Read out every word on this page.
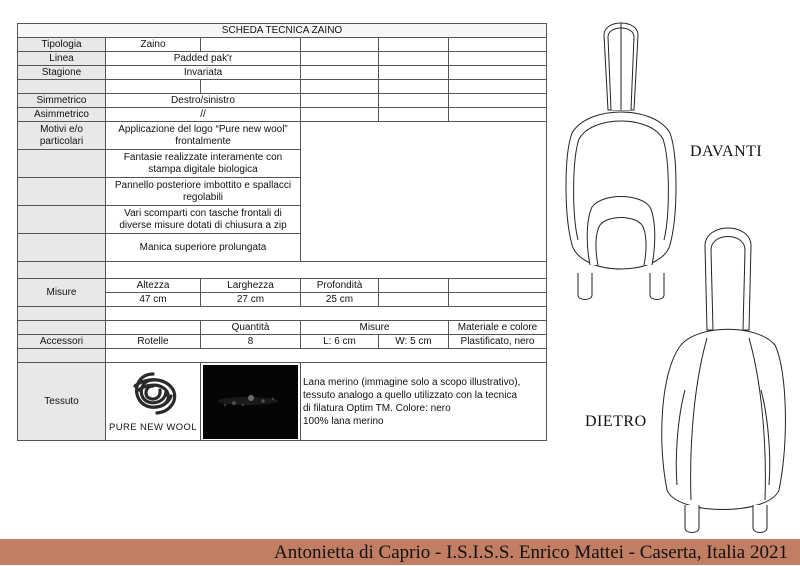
SCHEDA TECNICA ZAINO					
Tipologia	Zaino				
Linea	Padded pak'r				
Stagione	Invariata				

Simmetrico	Destro/sinistro				
Asimmetrico	//				
Motivi e/o particolari	Applicazione del logo “Pure new wool” frontalmente				
	Fantasie realizzate interamente con stampa digitale biologica				
	Pannello posteriore imbottito e spallacci regolabili				
	Vari scomparti con tasche frontali di diverse misure dotati di chiusura a zip				
	Manica superiore prolungata				

Misure	Altezza	Larghezza	Profondità		
	47 cm	27 cm	25 cm		

		Quantità	Misure		Materiale e colore
Accessori	Rotelle	8	L: 6 cm	W: 5 cm	Plastificato, nero

Tessuto	PURE NEW WOOL		Lana merino (immagine solo a scopo illustrativo),

tessuto analogo a quello utilizzato con la tecnica

di filatura Optim TM. Colore: nero

100% lana merino		

DAVANTI
DIETRO
Antonietta di Caprio - I.S.I.S.S. Enrico Mattei - Caserta, Italia 2021
